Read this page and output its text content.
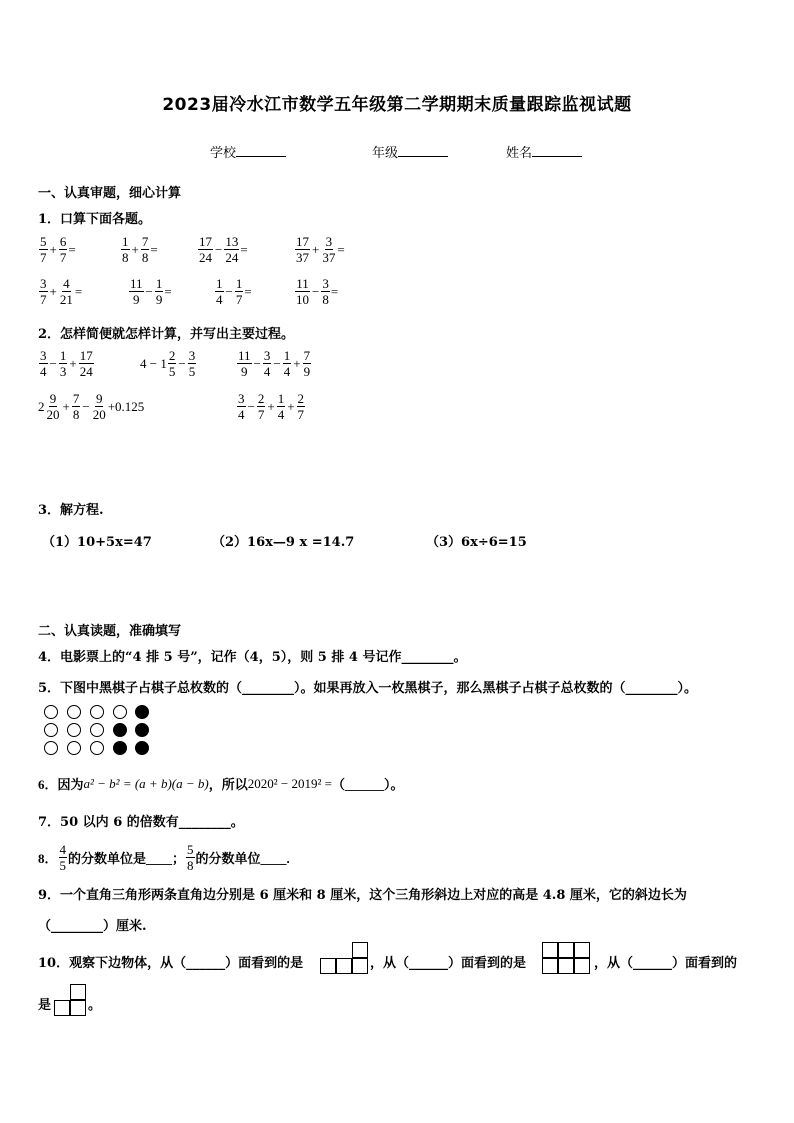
2023届冷水江市数学五年级第二学期期末质量跟踪监视试题
学校	年级	姓名
一、认真审题，细心计算
1．口算下面各题。
$\frac{5}{7} + \frac{6}{7}$ =	$\frac{1}{8} + \frac{7}{8}$ =	$\frac{17}{24} - \frac{13}{24}$ =	$\frac{17}{37} + \frac{3}{37}$ =
$\frac{3}{7} + \frac{4}{21}$ =	$\frac{11}{9} - \frac{1}{9}$ =	$\frac{1}{4} - \frac{1}{7}$ =	$\frac{11}{10} - \frac{3}{8}$ =
2．怎样简便就怎样计算，并写出主要过程。
$\frac{3}{4} - \frac{1}{3} + \frac{17}{24}$	$4 - 1 \frac{2}{5} - \frac{3}{5}$	$\frac{11}{9} - \frac{3}{4} - \frac{1}{4} + \frac{7}{9}$
$2 \frac{9}{20} + \frac{7}{8} - \frac{9}{20} +0.125$	$\frac{3}{4} - \frac{2}{7} + \frac{1}{4} + \frac{2}{7}$
3．解方程.
（1）10+5x=47	（2）16x—9 x =14.7	（3）6x÷6=15
二、认真读题，准确填写
4．电影票上的“4 排 5 号”，记作（4，5），则 5 排 4 号记作________。
5．下图中黑棋子占棋子总枚数的（________）。如果再放入一枚黑棋子，那么黑棋子占棋子总枚数的（________）。
6．因为 a² − b² = (a + b)(a − b) ，所以 2020² − 2019² = （______）。
7．50 以内 6 的倍数有________。
8． $\frac{4}{5}$ 的分数单位是____； $\frac{5}{8}$ 的分数单位____.
9．一个直角三角形两条直角边分别是 6 厘米和 8 厘米，这个三角形斜边上对应的高是 4.8 厘米，它的斜边长为
（________）厘米.
10．观察下边物体，从（______）面看到的是	，从（______）面看到的是	，从（______）面看到的
是	。
